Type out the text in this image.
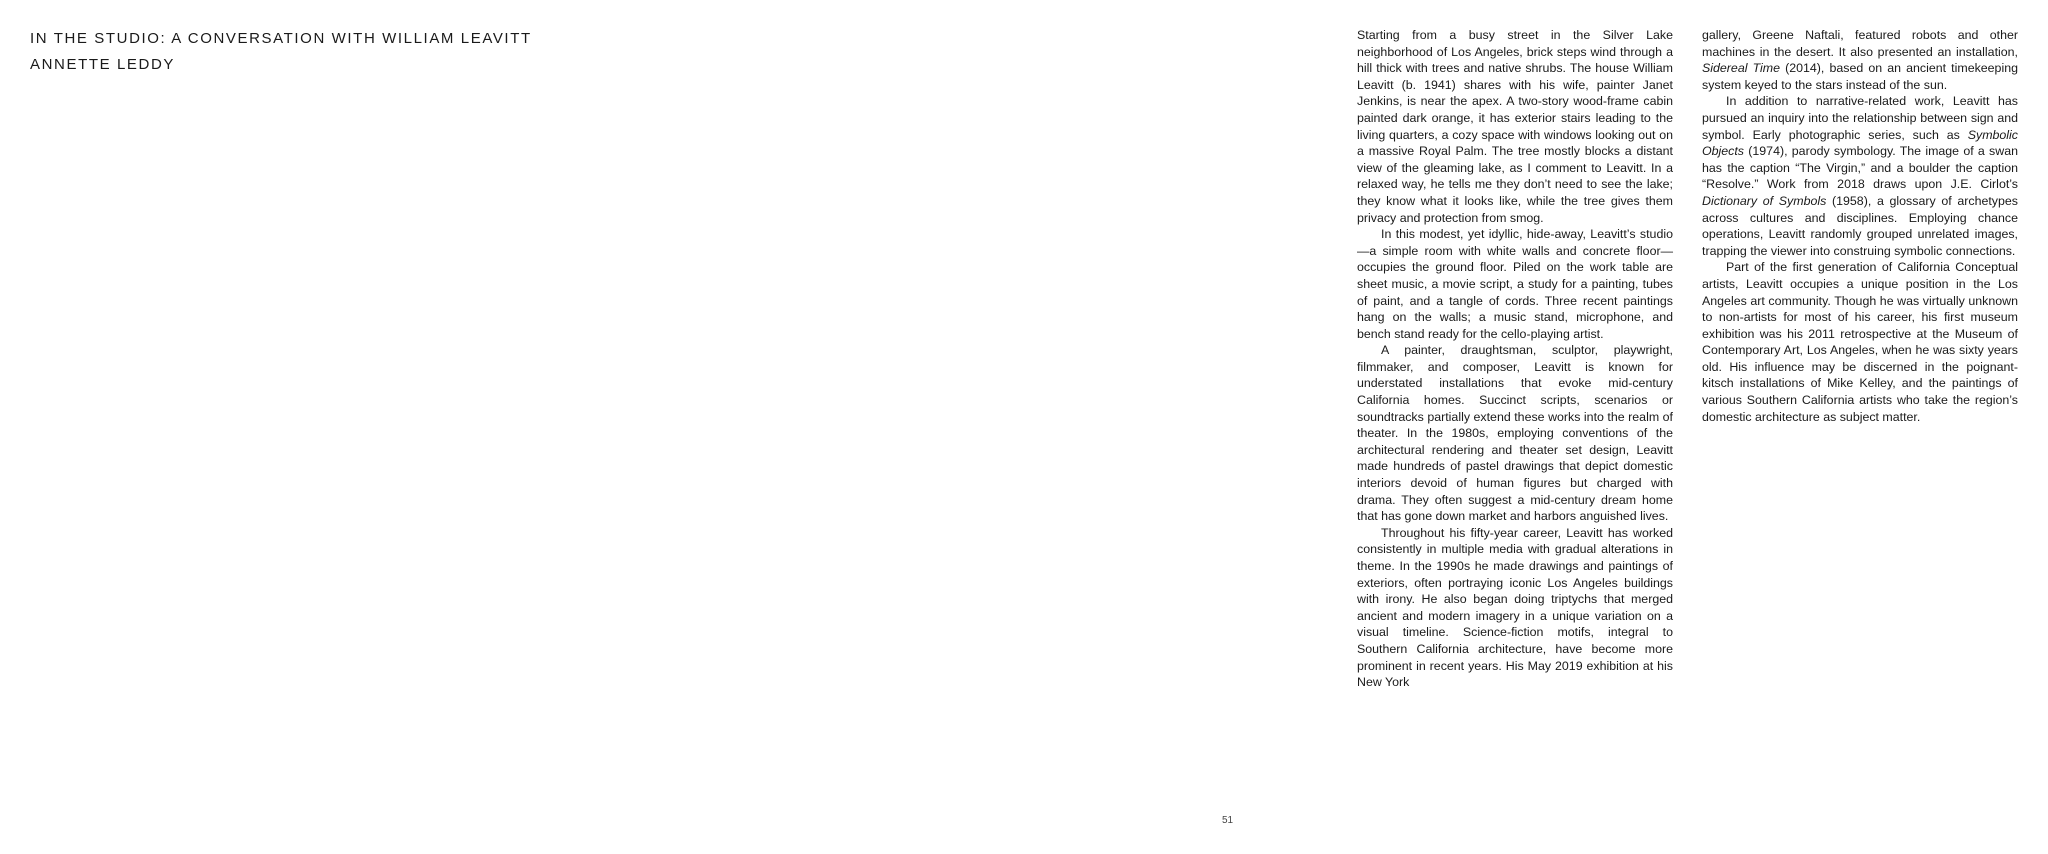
IN THE STUDIO: A CONVERSATION WITH WILLIAM LEAVITT
ANNETTE LEDDY

Starting from a busy street in the Silver Lake neighborhood of Los Angeles, brick steps wind through a hill thick with trees and native shrubs. The house William Leavitt (b. 1941) shares with his wife, painter Janet Jenkins, is near the apex. A two-story wood-frame cabin painted dark orange, it has exterior stairs leading to the living quarters, a cozy space with windows looking out on a massive Royal Palm. The tree mostly blocks a distant view of the gleaming lake, as I comment to Leavitt. In a relaxed way, he tells me they don’t need to see the lake; they know what it looks like, while the tree gives them privacy and protection from smog.

In this modest, yet idyllic, hide-away, Leavitt’s studio—a simple room with white walls and concrete floor—occupies the ground floor. Piled on the work table are sheet music, a movie script, a study for a painting, tubes of paint, and a tangle of cords. Three recent paintings hang on the walls; a music stand, microphone, and bench stand ready for the cello-playing artist.

A painter, draughtsman, sculptor, playwright, filmmaker, and composer, Leavitt is known for understated installations that evoke mid-century California homes. Succinct scripts, scenarios or soundtracks partially extend these works into the realm of theater. In the 1980s, employing conventions of the architectural rendering and theater set design, Leavitt made hundreds of pastel drawings that depict domestic interiors devoid of human figures but charged with drama. They often suggest a mid-century dream home that has gone down market and harbors anguished lives.

Throughout his fifty-year career, Leavitt has worked consistently in multiple media with gradual alterations in theme. In the 1990s he made drawings and paintings of exteriors, often portraying iconic Los Angeles buildings with irony. He also began doing triptychs that merged ancient and modern imagery in a unique variation on a visual timeline. Science-fiction motifs, integral to Southern California architecture, have become more prominent in recent years. His May 2019 exhibition at his New York

gallery, Greene Naftali, featured robots and other machines in the desert. It also presented an installation, Sidereal Time (2014), based on an ancient timekeeping system keyed to the stars instead of the sun.

In addition to narrative-related work, Leavitt has pursued an inquiry into the relationship between sign and symbol. Early photographic series, such as Symbolic Objects (1974), parody symbology. The image of a swan has the caption “The Virgin,” and a boulder the caption “Resolve.” Work from 2018 draws upon J.E. Cirlot’s Dictionary of Symbols (1958), a glossary of archetypes across cultures and disciplines. Employing chance operations, Leavitt randomly grouped unrelated images, trapping the viewer into construing symbolic connections.

Part of the first generation of California Conceptual artists, Leavitt occupies a unique position in the Los Angeles art community. Though he was virtually unknown to non-artists for most of his career, his first museum exhibition was his 2011 retrospective at the Museum of Contemporary Art, Los Angeles, when he was sixty years old. His influence may be discerned in the poignant-kitsch installations of Mike Kelley, and the paintings of various Southern California artists who take the region’s domestic architecture as subject matter.

51
